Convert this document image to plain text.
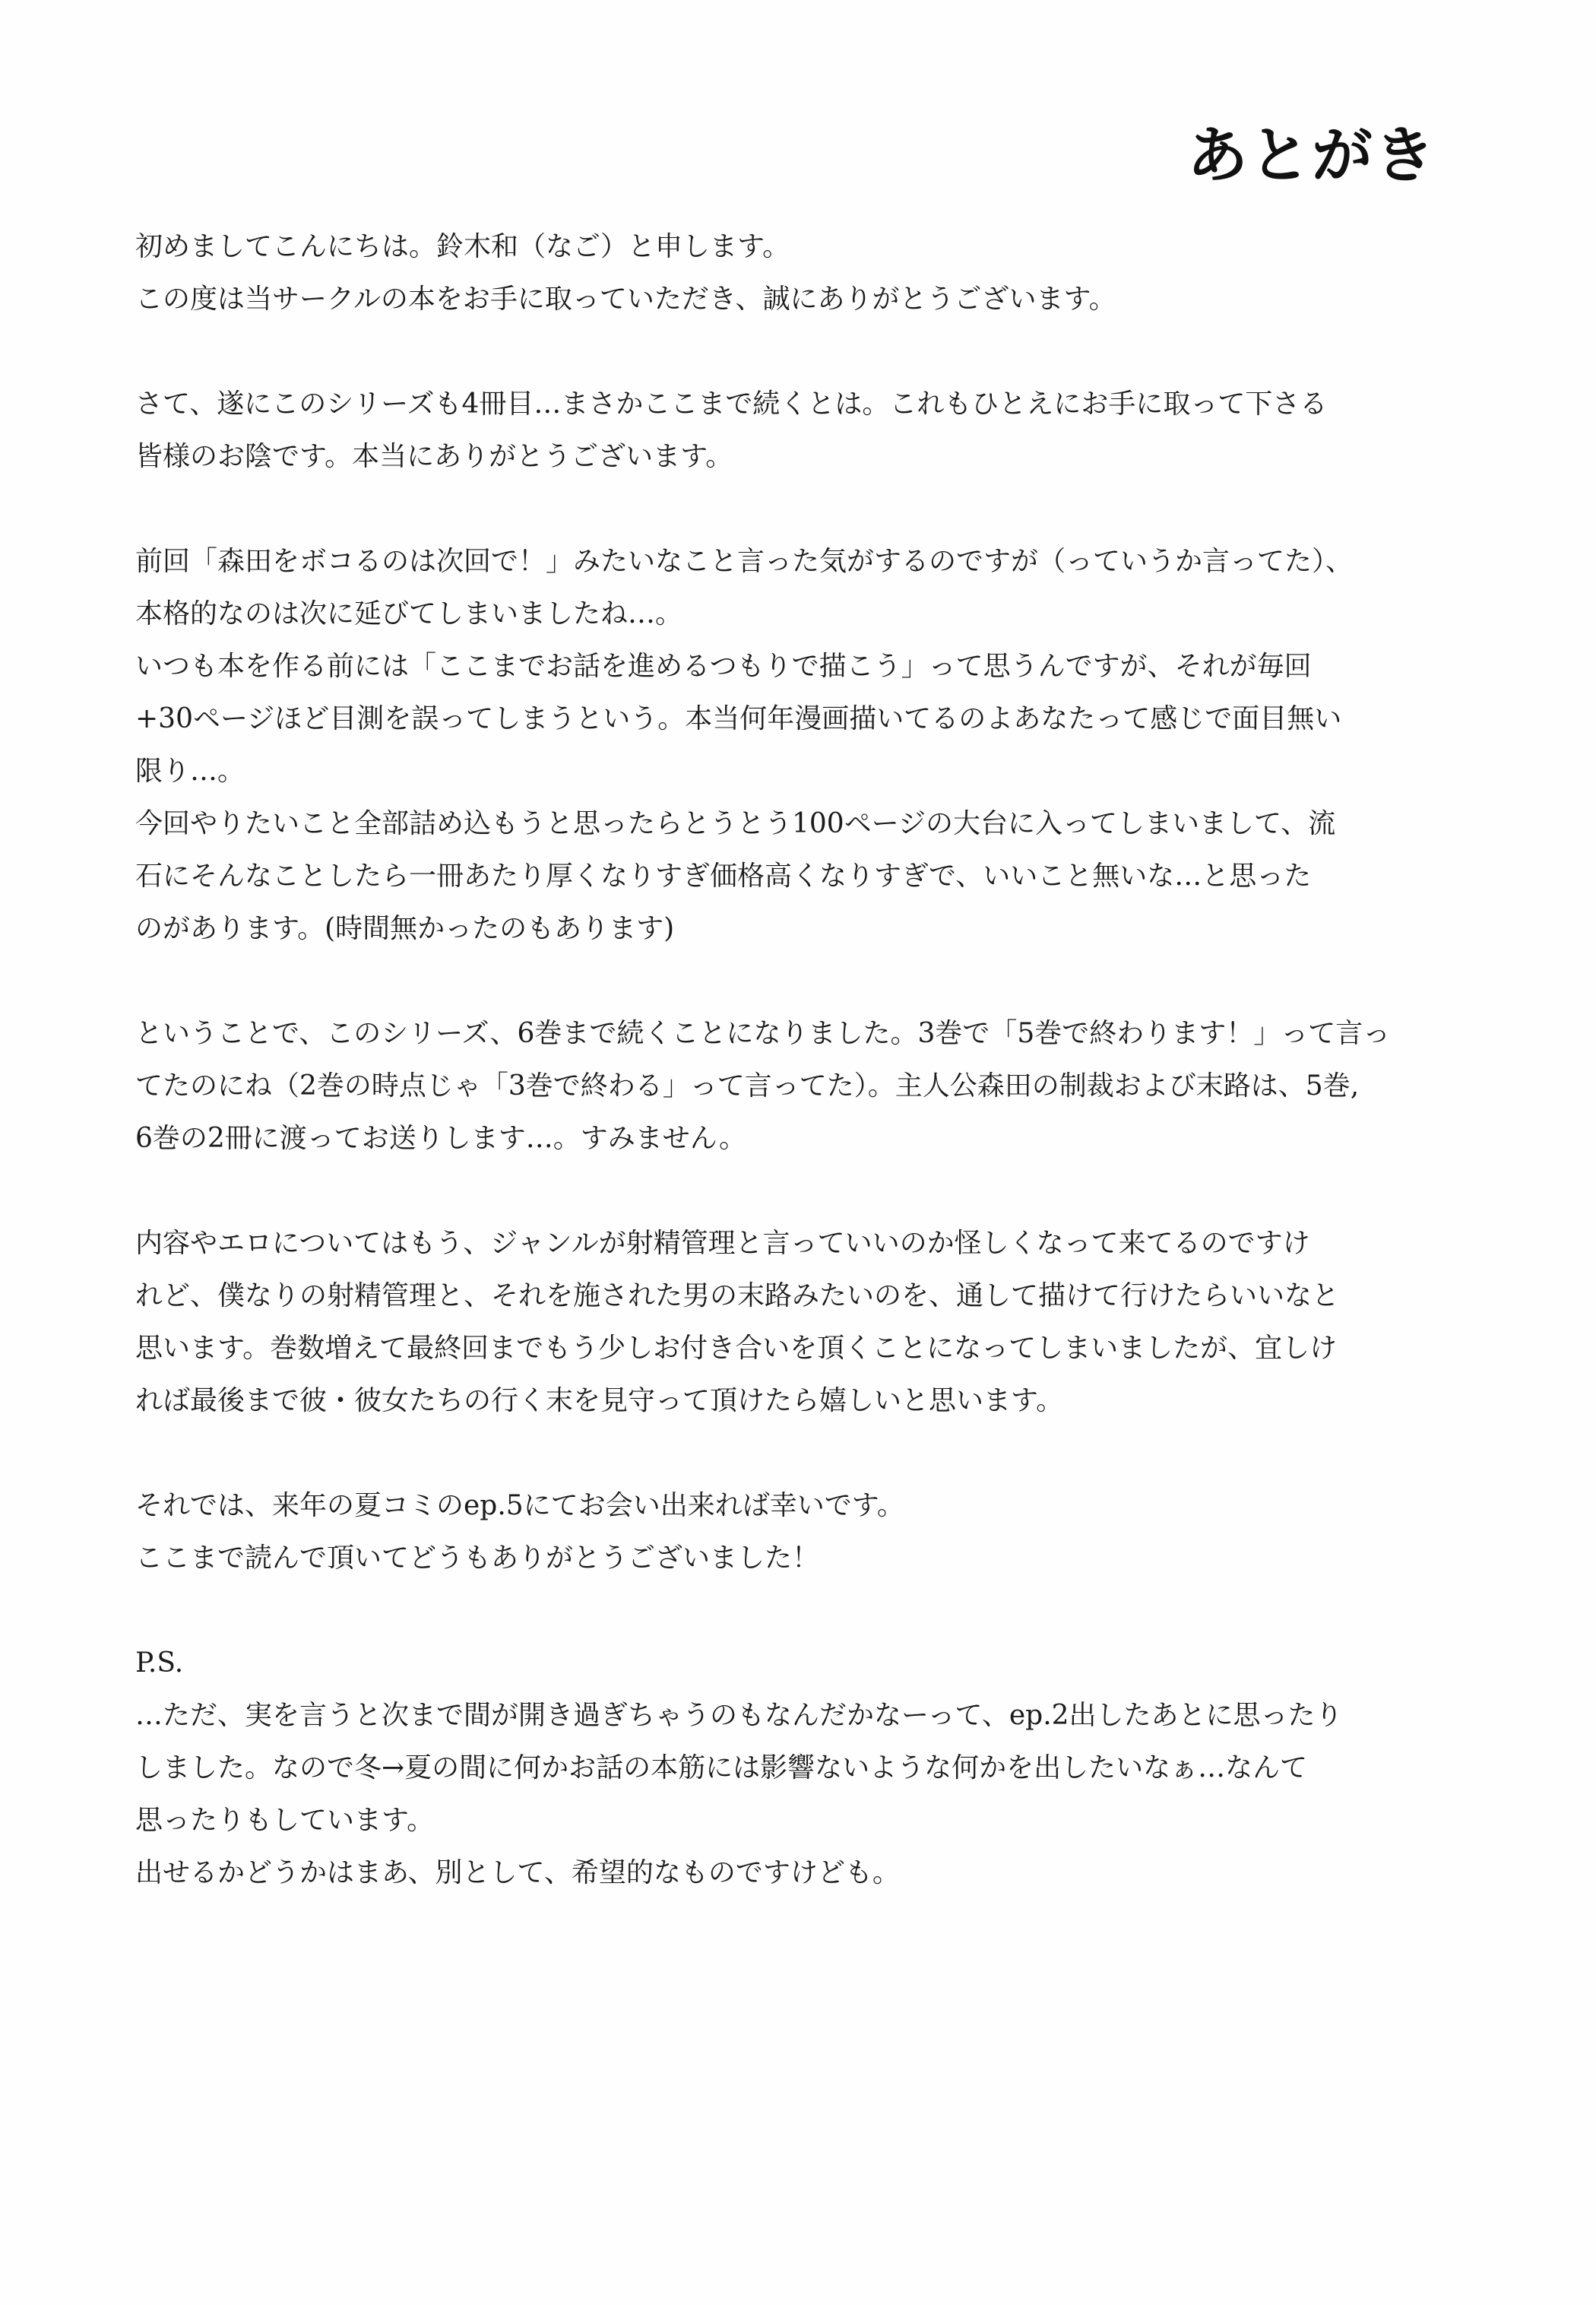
あとがき
初めましてこんにちは。鈴木和（なご）と申します。
この度は当サークルの本をお手に取っていただき、誠にありがとうございます。
さて、遂にこのシリーズも4冊目…まさかここまで続くとは。これもひとえにお手に取って下さる
皆様のお陰です。本当にありがとうございます。
前回「森田をボコるのは次回で！」みたいなこと言った気がするのですが（っていうか言ってた）、
本格的なのは次に延びてしまいましたね…。
いつも本を作る前には「ここまでお話を進めるつもりで描こう」って思うんですが、それが毎回
+30ページほど目測を誤ってしまうという。本当何年漫画描いてるのよあなたって感じで面目無い
限り…。
今回やりたいこと全部詰め込もうと思ったらとうとう100ページの大台に入ってしまいまして、流
石にそんなことしたら一冊あたり厚くなりすぎ価格高くなりすぎで、いいこと無いな…と思った
のがあります。(時間無かったのもあります)
ということで、このシリーズ、6巻まで続くことになりました。3巻で「5巻で終わります！」って言っ
てたのにね（2巻の時点じゃ「3巻で終わる」って言ってた）。主人公森田の制裁および末路は、5巻,
6巻の2冊に渡ってお送りします…。すみません。
内容やエロについてはもう、ジャンルが射精管理と言っていいのか怪しくなって来てるのですけ
れど、僕なりの射精管理と、それを施された男の末路みたいのを、通して描けて行けたらいいなと
思います。巻数増えて最終回までもう少しお付き合いを頂くことになってしまいましたが、宜しけ
れば最後まで彼・彼女たちの行く末を見守って頂けたら嬉しいと思います。
それでは、来年の夏コミのep.5にてお会い出来れば幸いです。
ここまで読んで頂いてどうもありがとうございました！
P.S.
…ただ、実を言うと次まで間が開き過ぎちゃうのもなんだかなーって、ep.2出したあとに思ったり
しました。なので冬→夏の間に何かお話の本筋には影響ないような何かを出したいなぁ…なんて
思ったりもしています。
出せるかどうかはまあ、別として、希望的なものですけども。
